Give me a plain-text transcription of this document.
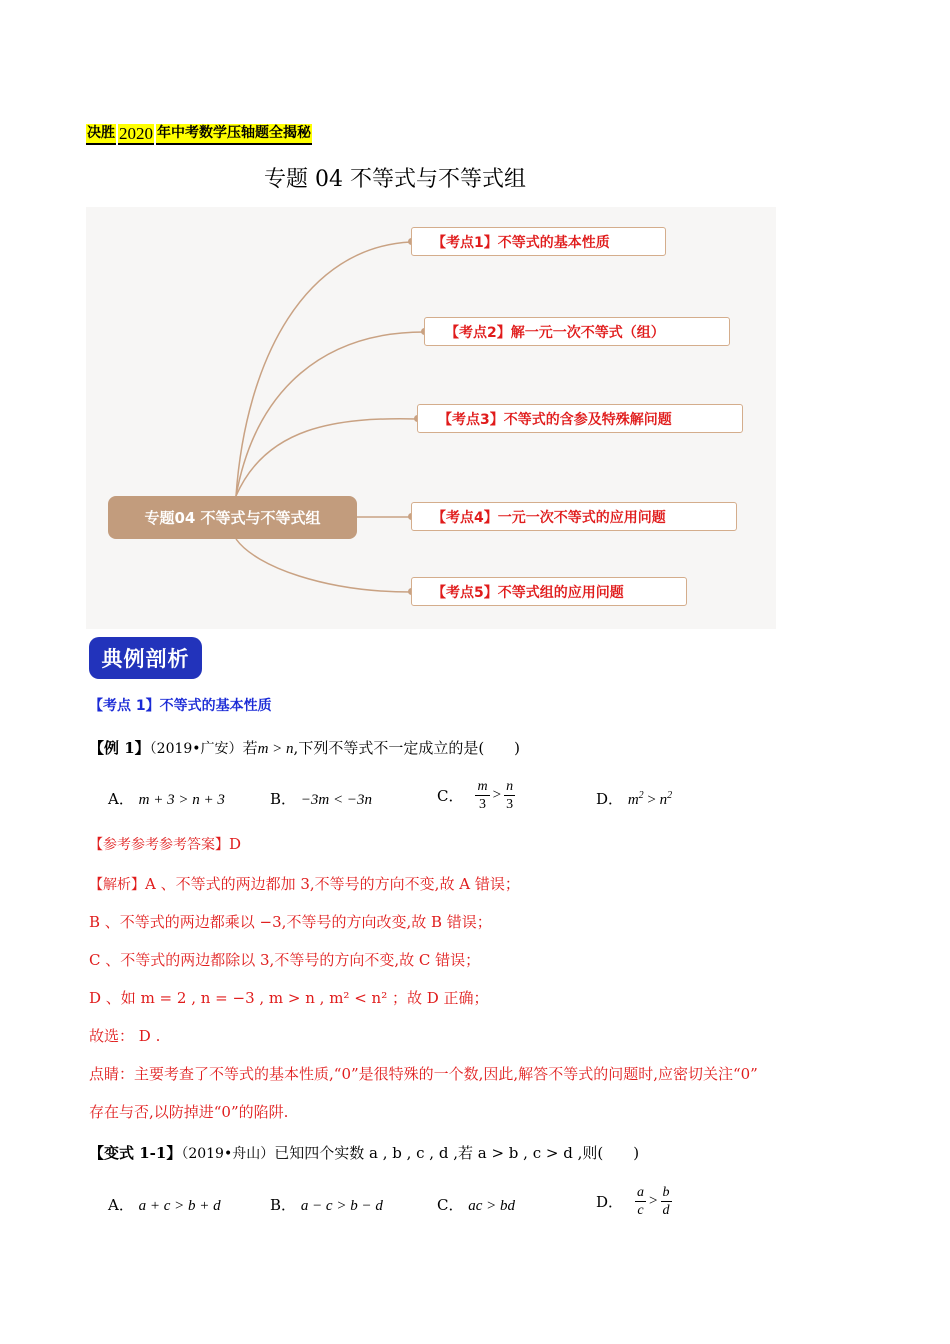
决胜 2020 年中考数学压轴题全揭秘
专题 04 不等式与不等式组
专题04 不等式与不等式组
【考点1】不等式的基本性质
【考点2】解一元一次不等式（组）
【考点3】不等式的含参及特殊解问题
【考点4】一元一次不等式的应用问题
【考点5】不等式组的应用问题
典例剖析
【考点 1】不等式的基本性质
【例 1】（2019•广安）若m > n,下列不等式不一定成立的是(　　)
A． m + 3 > n + 3	B． −3m < −3n	C． $\frac{m}{3} > \frac{n}{3}$	D． $m^2 > n^2$
【参考参考参考答案】D
【解析】A 、不等式的两边都加 3,不等号的方向不变,故 A 错误；
B 、不等式的两边都乘以 −3,不等号的方向改变,故 B 错误；
C 、不等式的两边都除以 3,不等号的方向不变,故 C 错误；
D 、如 m = 2 , n = −3 , m > n , m² < n² ；故 D 正确；
故选： D .
点睛：主要考查了不等式的基本性质,“0”是很特殊的一个数,因此,解答不等式的问题时,应密切关注“0”
存在与否,以防掉进“0”的陷阱.
【变式 1-1】（2019•舟山）已知四个实数 a , b , c , d ,若 a > b , c > d ,则(　　)
A． a + c > b + d	B． a − c > b − d	C． ac > bd	D． $\frac{a}{c} > \frac{b}{d}$
